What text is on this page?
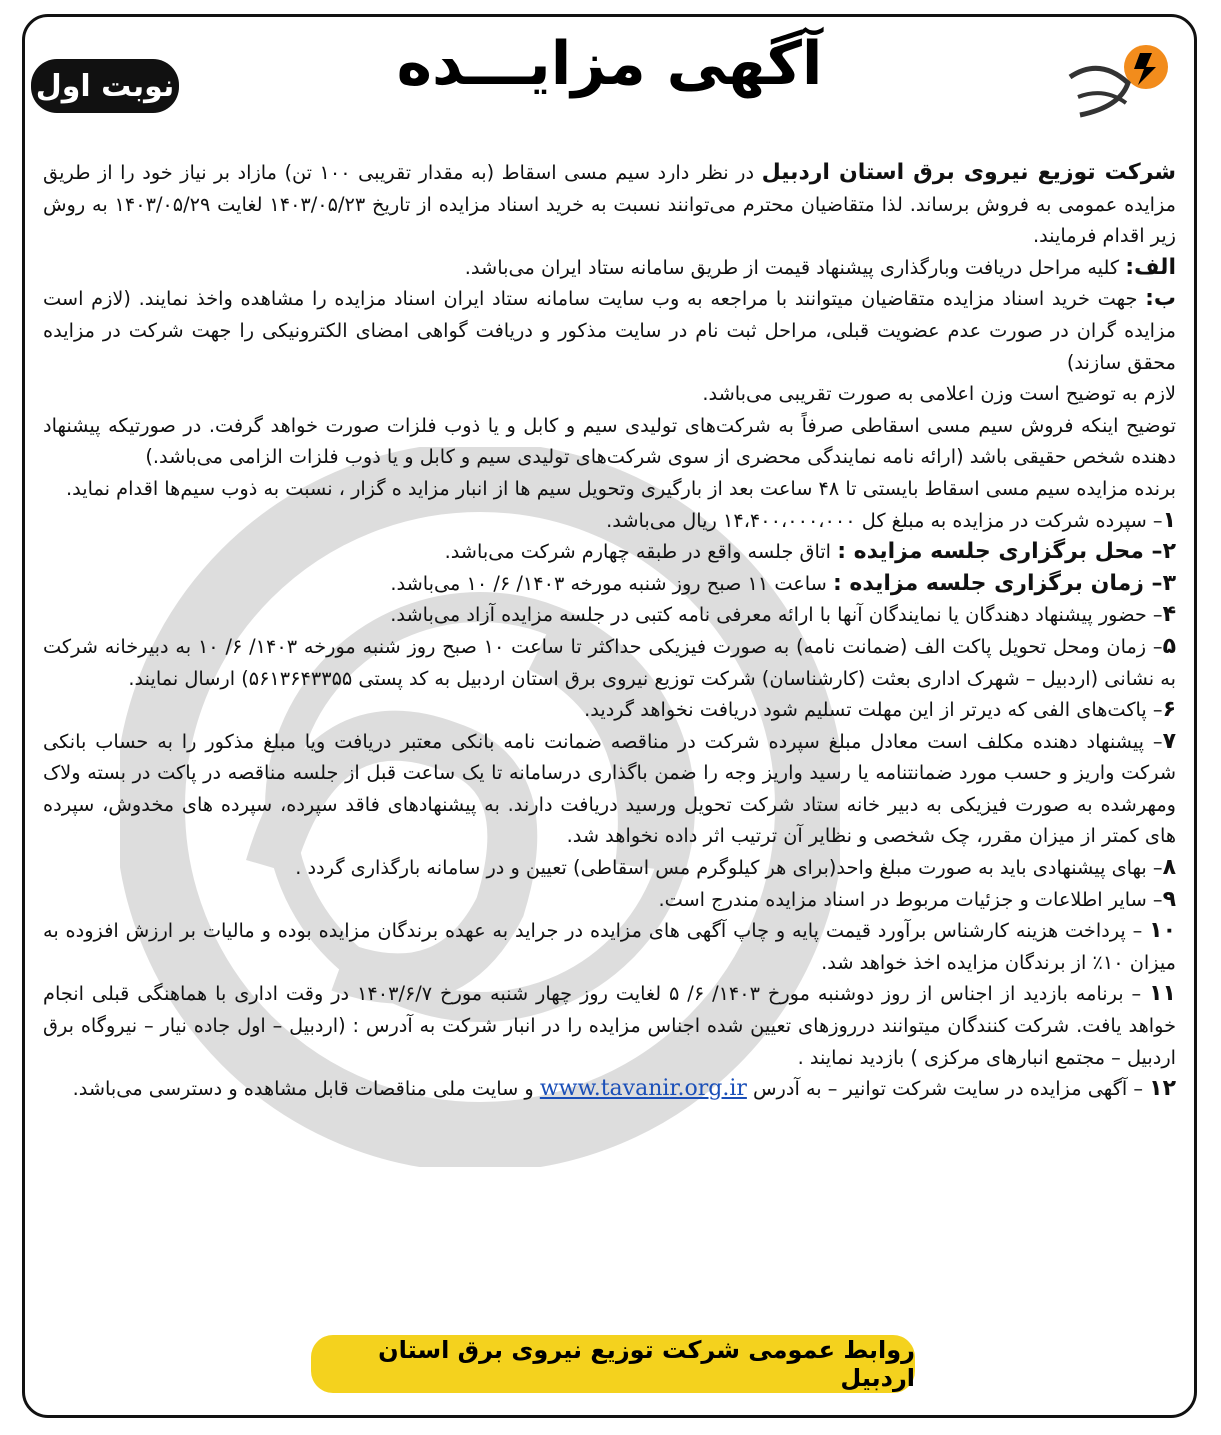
آگهی مزایـــده
نوبت اول

شرکت توزیع نیروی برق استان اردبیل در نظر دارد سیم مسی اسقاط (به مقدار تقریبی ۱۰۰ تن) مازاد بر نیاز خود را از طریق مزایده عمومی به فروش برساند. لذا متقاضیان محترم می‌توانند نسبت به خرید اسناد مزایده از تاریخ ۱۴۰۳/۰۵/۲۳ لغایت ۱۴۰۳/۰۵/۲۹ به روش زیر اقدام فرمایند.

الف: کلیه مراحل دریافت وبارگذاری پیشنهاد قیمت از طریق سامانه ستاد ایران می‌باشد.

ب: جهت خرید اسناد مزایده متقاضیان میتوانند با مراجعه به وب سایت سامانه ستاد ایران اسناد مزایده را مشاهده واخذ نمایند. (لازم است مزایده گران در صورت عدم عضویت قبلی، مراحل ثبت نام در سایت مذکور و دریافت گواهی امضای الکترونیکی را جهت شرکت در مزایده محقق سازند)

لازم به توضیح است وزن اعلامی به صورت تقریبی می‌باشد.

توضیح اینکه فروش سیم مسی اسقاطی صرفاً به شرکت‌های تولیدی سیم و کابل و یا ذوب فلزات صورت خواهد گرفت. در صورتیکه پیشنهاد دهنده شخص حقیقی باشد (ارائه نامه نمایندگی محضری از سوی شرکت‌های تولیدی سیم و کابل و یا ذوب فلزات الزامی می‌باشد.)

برنده مزایده سیم مسی اسقاط بایستی تا ۴۸ ساعت بعد از بارگیری وتحویل سیم ها از انبار مزاید ه گزار ، نسبت به ذوب سیم‌ها اقدام نماید.

۱– سپرده شرکت در مزایده به مبلغ کل ۱۴،۴۰۰،۰۰۰،۰۰۰ ریال می‌باشد.

۲– محل برگزاری جلسه مزایده : اتاق جلسه واقع در طبقه چهارم شرکت می‌باشد.

۳– زمان برگزاری جلسه مزایده : ساعت ۱۱ صبح روز شنبه مورخه ۱۴۰۳/ ۶/ ۱۰ می‌باشد.

۴– حضور پیشنهاد دهندگان یا نمایندگان آنها با ارائه معرفی نامه کتبی در جلسه مزایده آزاد می‌باشد.

۵– زمان ومحل تحویل پاکت الف (ضمانت نامه) به صورت فیزیکی حداکثر تا ساعت ۱۰ صبح روز شنبه مورخه ۱۴۰۳/ ۶/ ۱۰ به دبیرخانه شرکت به نشانی (اردبیل – شهرک اداری بعثت (کارشناسان) شرکت توزیع نیروی برق استان اردبیل به کد پستی ۵۶۱۳۶۴۳۳۵۵) ارسال نمایند.

۶– پاکت‌های الفی که دیرتر از این مهلت تسلیم شود دریافت نخواهد گردید.

۷– پیشنهاد دهنده مکلف است معادل مبلغ سپرده شرکت در مناقصه ضمانت نامه بانکی معتبر دریافت ویا مبلغ مذکور را به حساب بانکی شرکت واریز و حسب مورد ضمانتنامه یا رسید واریز وجه را ضمن باگذاری درسامانه تا یک ساعت قبل از جلسه مناقصه در پاکت در بسته ولاک ومهرشده به صورت فیزیکی به دبیر خانه ستاد شرکت تحویل ورسید دریافت دارند. به پیشنهادهای فاقد سپرده، سپرده های مخدوش، سپرده های کمتر از میزان مقرر، چک شخصی و نظایر آن ترتیب اثر داده نخواهد شد.

۸– بهای پیشنهادی باید به صورت مبلغ واحد(برای هر کیلوگرم مس اسقاطی) تعیین و در سامانه بارگذاری گردد .

۹– سایر اطلاعات و جزئیات مربوط در اسناد مزایده مندرج است.

۱۰ – پرداخت هزینه کارشناس برآورد قیمت پایه و چاپ آگهی های مزایده در جراید به عهده برندگان مزایده بوده و مالیات بر ارزش افزوده به میزان ۱۰٪ از برندگان مزایده اخذ خواهد شد.

۱۱ – برنامه بازدید از اجناس از روز دوشنبه مورخ ۱۴۰۳/ ۶/ ۵ لغایت روز چهار شنبه مورخ ۱۴۰۳/۶/۷ در وقت اداری با هماهنگی قبلی انجام خواهد یافت. شرکت کنندگان میتوانند درروزهای تعیین شده اجناس مزایده را در انبار شرکت به آدرس : (اردبیل – اول جاده نیار – نیروگاه برق اردبیل – مجتمع انبارهای مرکزی ) بازدید نمایند .

۱۲ – آگهی مزایده در سایت شرکت توانیر – به آدرس www.tavanir.org.ir و سایت ملی مناقصات قابل مشاهده و دسترسی می‌باشد.

روابط عمومی شرکت توزیع نیروی برق استان اردبیل
